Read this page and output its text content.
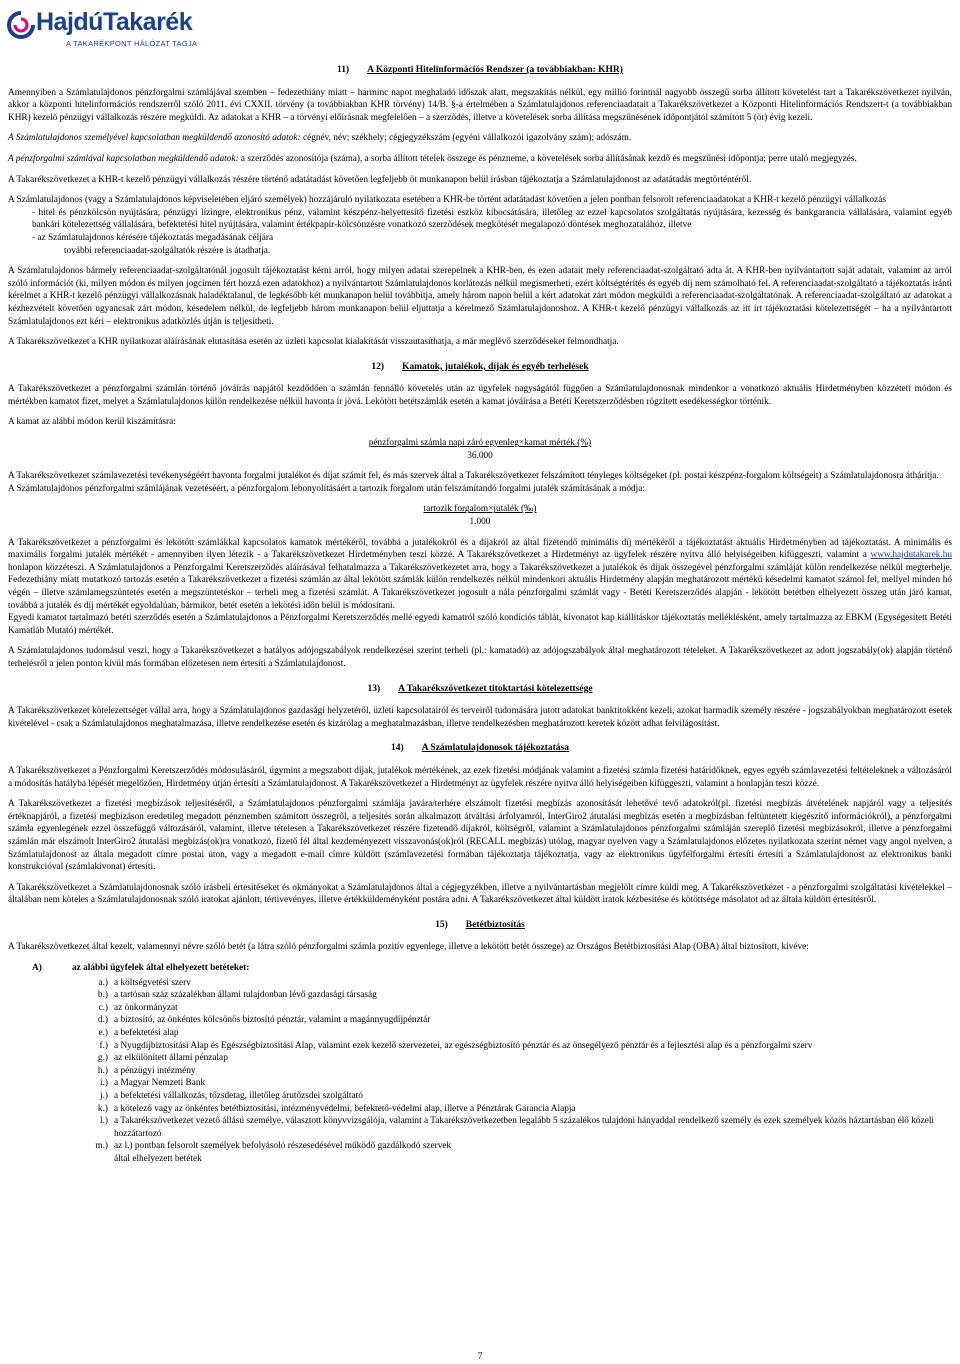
HajdúTakarék
A TAKARÉKPONT HÁLÓZAT TAGJA
11) A Központi Hitelinformációs Rendszer (a továbbiakban: KHR)

Amennyiben a Számlatulajdonos pénzforgalmi számlájával szemben – fedezethiány miatt – harminc napot meghaladó időszak alatt, megszakítás nélkül, egy millió forintnál nagyobb összegű sorba állított követelést tart a Takarékszövetkezet nyilván, akkor a központi hitelinformációs rendszerről szóló 2011. évi CXXII. törvény (a továbbiakban KHR törvény) 14/B. §-a értelmében a Számlatulajdonos referenciaadatait a Takarékszövetkezet a Központi Hitelinformációs Rendszert-t (a továbbiakban KHR) kezelő pénzügyi vállalkozás részére megküldi. Az adatokat a KHR – a törvényi előírásnak megfelelően – a szerződés, illetve a követelések sorba állítása megszűnésének időpontjától számított 5 (öt) évig kezeli.

A Számlatulajdonos személyével kapcsolatban megküldendő azonosító adatok: cégnév, név; székhely; cégjegyzékszám (egyéni vállalkozói igazolvány szám); adószám.

A pénzforgalmi számlával kapcsolatban megküldendő adatok: a szerződés azonosítója (száma), a sorba állított tételek összege és pénzneme, a követelések sorba állításának kezdő és megszűnési időpontja; perre utaló megjegyzés.

A Takarékszövetkezet a KHR-t kezelő pénzügyi vállalkozás részére történő adatátadást követően legfeljebb öt munkanapon belül írásban tájékoztatja a Számlatulajdonost az adatátadás megtörténtéről.

A Számlatulajdonos (vagy a Számlatulajdonos képviseletében eljáró személyek) hozzájáruló nyilatkozata esetében a KHR-be történt adatátadást követően a jelen pontban felsorolt referenciaadatokat a KHR-t kezelő pénzügyi vállalkozás

- hitel és pénzkölcsön nyújtására, pénzügyi lízingre, elektronikus pénz, valamint készpénz-helyettesítő fizetési eszköz kibocsátására, illetőleg az ezzel kapcsolatos szolgáltatás nyújtására, kezesség és bankgarancia vállalására, valamint egyéb bankári kötelezettség vállalására, befektetési hitel nyújtására, valamint értékpapír-kölcsönzésre vonatkozó szerződések megkötését megalapozó döntések meghozatalához, illetve
- az Számlatulajdonos kérésére tájékoztatás megadásának céljára
további referenciaadat-szolgáltatók részére is átadhatja.

A Számlatulajdonos bármely referenciaadat-szolgáltatónál jogosult tájékoztatást kérni arról, hogy milyen adatai szerepelnek a KHR-ben, és ezen adatait mely referenciaadat-szolgáltató adta át. A KHR-ben nyilvántartott saját adatait, valamint az arról szóló információt (ki, milyen módon és milyen jogcímen fért hozzá ezen adatokhoz) a nyilvántartott Számlatulajdonos korlátozás nélkül megismerheti, ezért költségtérítés és egyéb díj nem számolható fel. A referenciaadat-szolgáltató a tájékoztatás iránti kérelmet a KHR-t kezelő pénzügyi vállalkozásnak haladéktalanul, de legkésőbb két munkanapon belül továbbítja, amely három napon belül a kért adatokat zárt módon megküldi a referenciaadat-szolgáltatónak. A referenciaadat-szolgáltató az adatokat a kézhezvételt követően ugyancsak zárt módon, késedelem nélkül, de legfeljebb három munkanapon belül eljuttatja a kérelmező Számlatulajdonoshoz. A KHR-t kezelő pénzügyi vállalkozás az itt írt tájékoztatási kötelezettségét – ha a nyilvántartott Számlatulajdonos ezt kéri – elektronikus adatközlés útján is teljesítheti.

A Takarékszövetkezet a KHR nyilatkozat aláírásának elutasítása esetén az üzleti kapcsolat kialakítását visszautasíthatja, a már meglévő szerződéseket felmondhatja.

12) Kamatok, jutalékok, díjak és egyéb terhelések

A Takarékszövetkezet a pénzforgalmi számlán történő jóváírás napjától kezdődően a számlán fennálló követelés után az ügyfelek nagyságától függően a Számlatulajdonosnak mindenkor a vonatkozó aktuális Hirdetményben közzétett módon és mértékben kamatot fizet, melyet a Számlatulajdonos külön rendelkezése nélkül havonta ír jóvá. Lekötött betétszámlák esetén a kamat jóváírása a Betéti Keretszerződésben rögzített esedékességkor történik.

A kamat az alábbi módon kerül kiszámításra:

pénzforgalmi számla napi záró egyenleg×kamat mérték (%)
36.000

A Takarékszövetkezet számlavezetési tevékenységéért havonta forgalmi jutalékot és díjat számít fel, és más szervek által a Takarékszövetkezet felszámított tényleges költségeket (pl. postai készpénz-forgalom költségeit) a Számlatulajdonosra áthárítja.

A Számlatulajdonos pénzforgalmi számlájának vezetéséért, a pénzforgalom lebonyolításáért a tartozik forgalom után felszámítandó forgalmi jutalék számításának a módja:

tartozik forgalom×jutalék (‰)
1.000

A Takarékszövetkezet a pénzforgalmi és lekötött számlákkal kapcsolatos kamatok mértékéről, továbbá a jutalékokról és a díjakról az által fizetendő minimális díj mértékéről a tájékoztatást aktuális Hirdetményben ad tájékoztatást. A minimális és maximális forgalmi jutalék mértékét - amennyiben ilyen létezik - a Takarékszövetkezet Hirdetményben teszi közzé. A Takarékszövetkezet a Hirdetményt az ügyfelek részére nyitva álló helyiségeiben kifüggeszti, valamint a www.hajdutakarek.hu honlapon közzéteszi. A Számlatulajdonos a Pénzforgalmi Keretszerződés aláírásával felhatalmazza a Takarékszövetkezetet arra, hogy a Takarékszövetkezet a jutalékok és díjak összegével pénzforgalmi számláját külön rendelkezése nélkül megterhelje. Fedezethiány miatt mutatkozó tartozás esetén a Takarékszövetkezet a fizetési számlán az által lekötött számlák külön rendelkezés nélkül mindenkori aktuális Hirdetmény alapján meghatározott mértékű késedelmi kamatot számol fel, mellyel minden hó végén – illetve számlamegszüntetés esetén a megszüntetéskor – terheli meg a fizetési számlát. A Takarékszövetkezet jogosult a nála pénzforgalmi számlát vagy - Betéti Keretszerződés alapján - lekötött betétben elhelyezett összeg után járó kamat, továbbá a jutalék és díj mértékét egyoldalúan, bármikor, betét esetén a lekötési időn belül is módosítani.

Egyedi kamatot tartalmazó betéti szerződés esetén a Számlatulajdonos a Pénzforgalmi Keretszerződés mellé egyedi kamatról szóló kondíciós táblát, kivonatot kap kiállításkor tájékoztatás melléklésként, amely tartalmazza az EBKM (Egységesített Betéti Kamatláb Mutató) mértékét.

A Számlatulajdonos tudomásul veszi, hogy a Takarékszövetkezet a hatályos adójogszabályok rendelkezései szerint terheli (pl.: kamatadó) az adójogszabályok által meghatározott tételeket. A Takarékszövetkezet az adott jogszabály(ok) alapján történő terhelésről a jelen ponton kívül más formában előzetesen nem értesíti a Számlatulajdonost.

13) A Takarékszövetkezet titoktartási kötelezettsége

A Takarékszövetkezet kötelezettséget vállal arra, hogy a Számlatulajdonos gazdasági helyzetéről, üzleti kapcsolatairól és terveiről tudomására jutott adatokat banktitokként kezeli, azokat harmadik személy részére - jogszabályokban meghatározott esetek kivételével - csak a Számlatulajdonos meghatalmazása, illetve rendelkezése esetén és kizárólag a meghatalmazásban, illetve rendelkezésben meghatározott keretek között adhat felvilágosítást.

14) A Számlatulajdonosok tájékoztatása

A Takarékszövetkezet a Pénzforgalmi Keretszerződés módosulásáról, úgymint a megszabott díjak, jutalékok mértékének, az ezek fizetési módjának valamint a fizetési számla fizetési határidőknek, egyes egyéb számlavezetési feltételeknek a változásáról a módosítás hatályba lépését megelőzően, Hirdetmény útján értesíti a Számlatulajdonost. A Takarékszövetkezet a Hirdetményt az ügyfelek részére nyitva álló helyiségeiben kifüggeszti, valamint a honlapján teszi közzé.

A Takarékszövetkezet a fizetési megbízások teljesítéséről, a Számlatulajdonos pénzforgalmi számlája javára/terhére elszámolt fizetési megbízás azonosítását lehetővé tevő adatokról(pl. fizetési megbízás átvételének napjáról vagy a teljesítés értéknapjáról, a fizetési megbízáson eredetileg megadott pénznemben számított összegről, a teljesítés során alkalmazott átváltási árfolyamról, InterGiro2 átutalási megbízás esetén a megbízásban feltüntetett kiegészítő információkról), a pénzforgalmi számla egyenlegének ezzel összefüggő változásáról, valamint, illetve tételesen a Takarékszövetkezet részére fizetendő díjakról, költségről, valamint a Számlatulajdonos pénzforgalmi számláján szereplő fizetési megbízásokról, illetve a pénzforgalmi számlán már elszámolt InterGiro2 átutalási megbízás(ok)ra vonatkozó, fizető fél által kezdeményezett visszavonás(ok)ról (RECALL megbízás) utólag, magyar nyelven vagy a Számlatulajdonos előzetes nyilatkozata szerint német vagy angol nyelven, a Számlatulajdonost az általa megadott címre postai úton, vagy a megadott e-mail címre küldött (számlavezetési formában tájékoztatja tájékoztatja, vagy az elektronikus ügyfélforgalmi értesíti értesíti a Számlatulajdonost az elektronikus banki konstrukcióval (számlakivonat) értesíti.

A Takarékszövetkezet a Számlatulajdonosnak szóló írásbeli értesítéseket és okmányokat a Számlatulajdonos által a cégjegyzékben, illetve a nyilvántartásban megjelölt címre küldi meg. A Takarékszövetkezet - a pénzforgalmi szolgáltatási kivételekkel – általában nem köteles a Számlatulajdonosnak szóló iratokat ajánlott, tértivevényes, illetve értékküldeményként postára adni. A Takarékszövetkezet által küldött iratok kézbesítése és kötöttsége másolatot ad az általa küldött értesítésről.

15) Betétbiztosítás

A Takarékszövetkezet által kezelt, valamennyi névre szóló betét (a látra szóló pénzforgalmi számla pozitív egyenlege, illetve a lekötött betét összege) az Országos Betétbiztosítási Alap (OBA) által biztosított, kivéve:

A)	az alábbi ügyfelek által elhelyezett betéteket:
a.) a költségvetési szerv
b.) a tartósan száz százalékban állami tulajdonban lévő gazdasági társaság
c.) az önkormányzat
d.) a biztosító, az önkéntes kölcsönös biztosító pénztár, valamint a magánnyugdíjpénztár
e.) a befektetési alap
f.) a Nyugdíjbiztosítási Alap és Egészségbiztosítási Alap, valamint ezek kezelő szervezetei, az egészségbiztosító pénztár és az önsegélyező pénztár és a fejlesztési alap és a pénzforgalmi szerv
g.) az elkülönített állami pénzalap
h.) a pénzügyi intézmény
i.) a Magyar Nemzeti Bank
j.) a befektetési vállalkozás, tőzsdetag, illetőleg árutőzsdei szolgáltató
k.) a kötelező vagy az önkéntes betétbiztosítási, intézményvédelmi, befektető-védelmi alap, illetve a Pénztárak Garancia Alapja
l.) a Takarékszövetkezet vezető állású személye, választott könyvvizsgálója, valamint a Takarékszövetkezetben legalább 5 százalékos tulajdoni hányaddal rendelkező személy és ezek személyek közös háztartásban élő közeli hozzátartozó
m.) az l.) pontban felsorolt személyek befolyásoló részesedésével működő gazdálkodó szervek
által elhelyezett betétek
7
